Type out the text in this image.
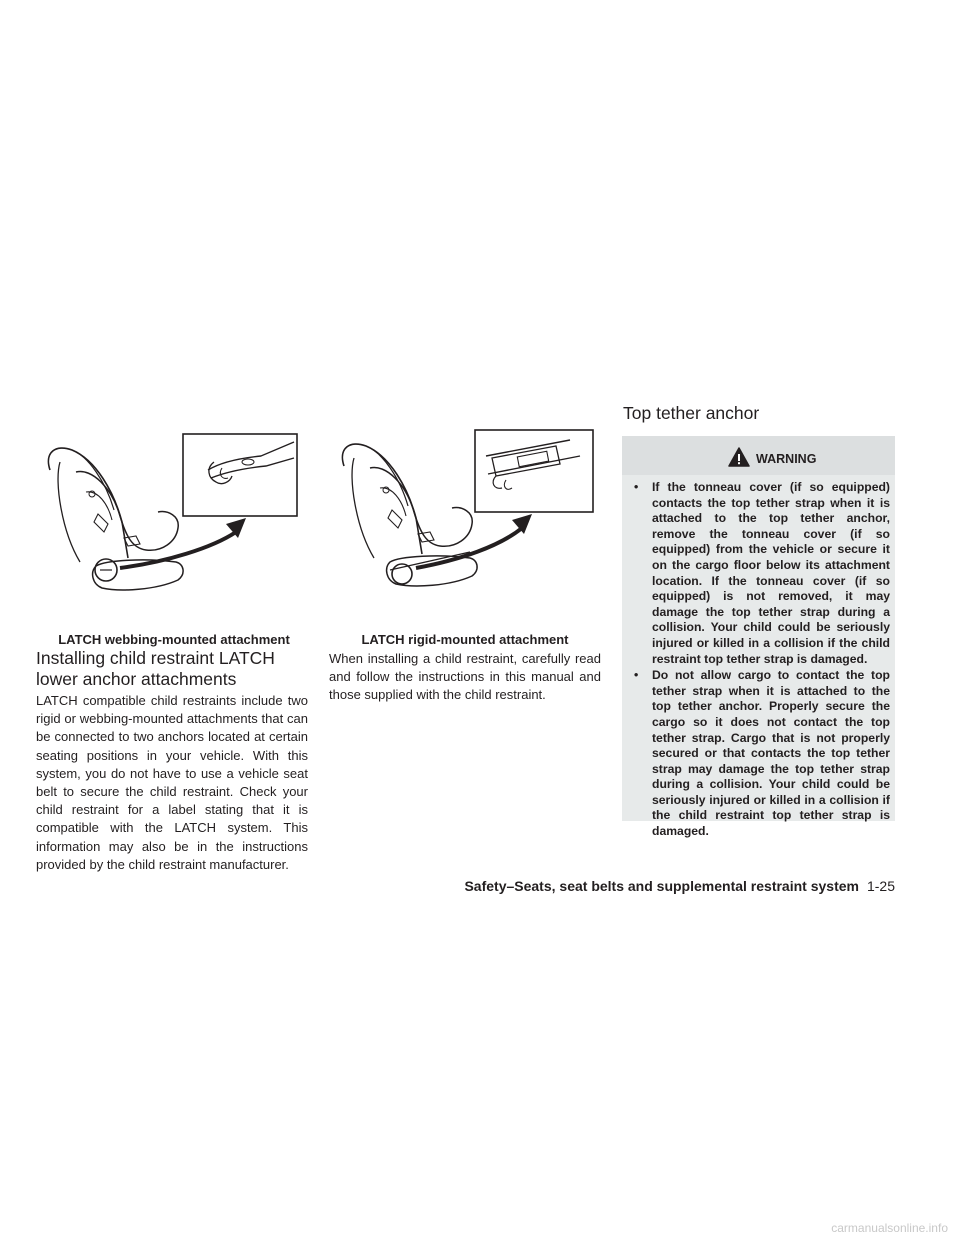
LATCH webbing-mounted attachment	LATCH rigid-mounted attachment
Installing child restraint LATCH
lower anchor attachments
LATCH compatible child restraints include two rigid or webbing-mounted attachments that can be connected to two anchors located at certain seating positions in your vehicle. With this system, you do not have to use a vehicle seat belt to secure the child restraint. Check your child restraint for a label stating that it is compatible with the LATCH system. This information may also be in the instructions provided by the child restraint manufacturer.
When installing a child restraint, carefully read and follow the instructions in this manual and those supplied with the child restraint.
Top tether anchor
WARNING
• If the tonneau cover (if so equipped) contacts the top tether strap when it is attached to the top tether anchor, remove the tonneau cover (if so equipped) from the vehicle or secure it on the cargo floor below its attachment location. If the tonneau cover (if so equipped) is not removed, it may damage the top tether strap during a collision. Your child could be seriously injured or killed in a collision if the child restraint top tether strap is damaged.
• Do not allow cargo to contact the top tether strap when it is attached to the top tether anchor. Properly secure the cargo so it does not contact the top tether strap. Cargo that is not properly secured or that contacts the top tether strap may damage the top tether strap during a collision. Your child could be seriously injured or killed in a collision if the child restraint top tether strap is damaged.
Safety–Seats, seat belts and supplemental restraint system 1-25
carmanualsonline.info
